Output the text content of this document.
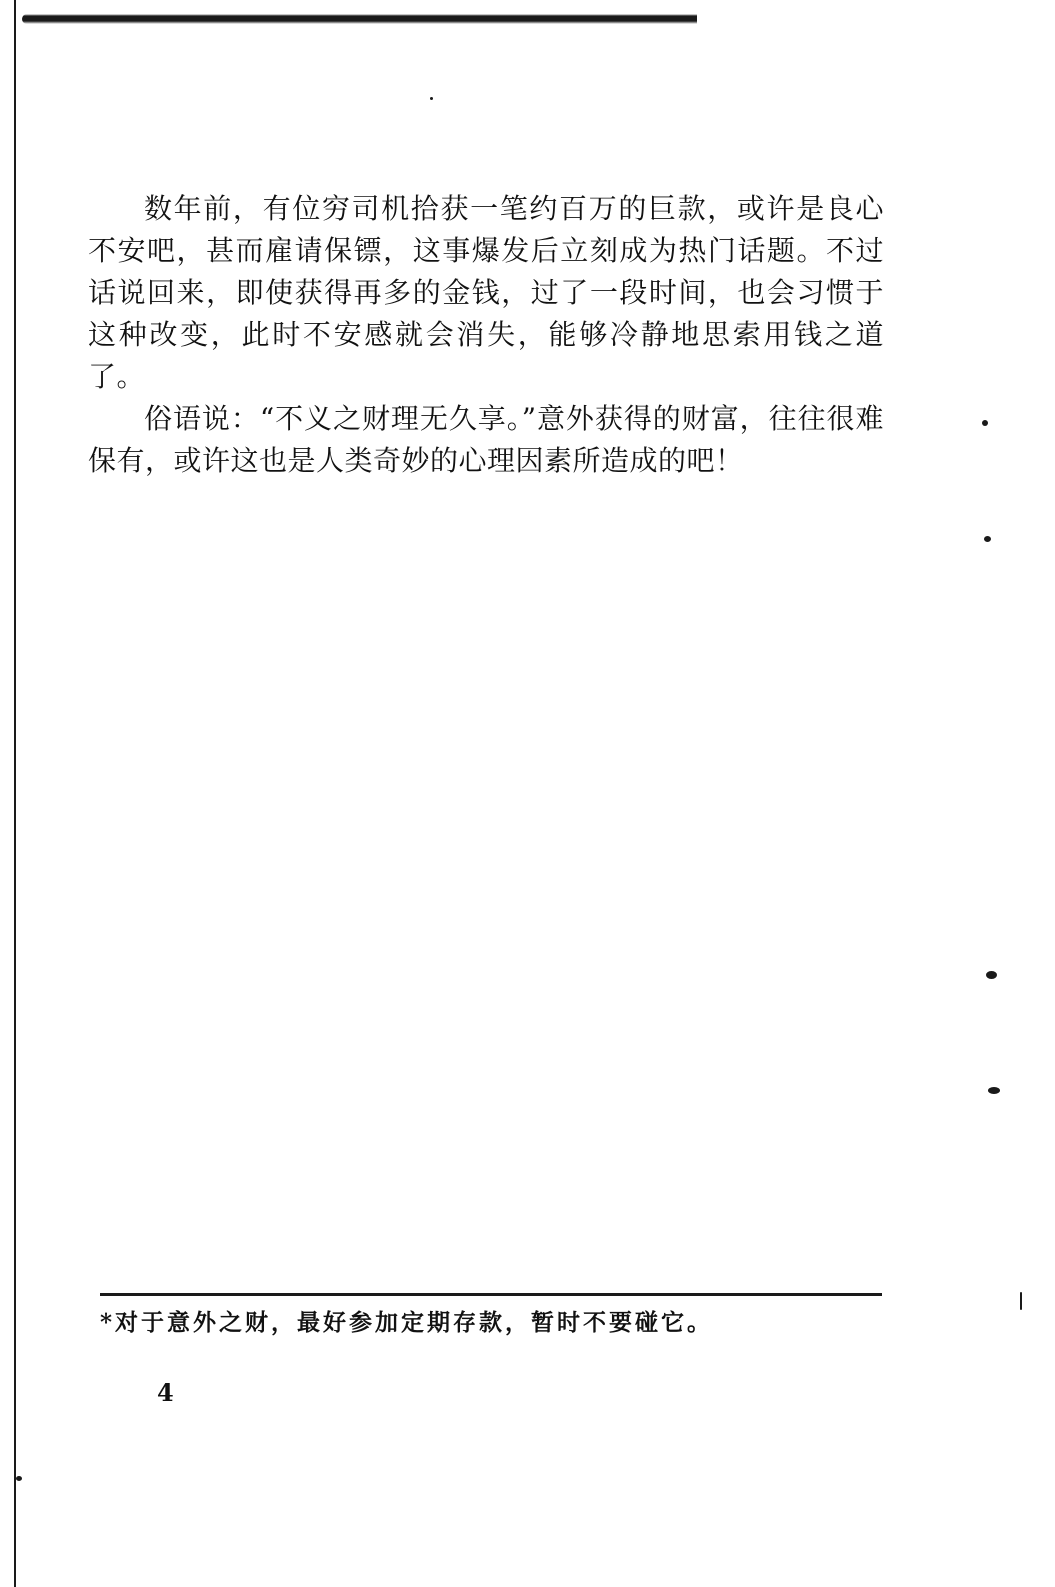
数年前，有位穷司机拾获一笔约百万的巨款，或许是良心不安吧，甚而雇请保镖，这事爆发后立刻成为热门话题。不过话说回来，即使获得再多的金钱，过了一段时间，也会习惯于这种改变，此时不安感就会消失，能够冷静地思索用钱之道了。

俗语说：“不义之财理无久享。”意外获得的财富，往往很难保有，或许这也是人类奇妙的心理因素所造成的吧！

*对于意外之财，最好参加定期存款，暂时不要碰它。
4
